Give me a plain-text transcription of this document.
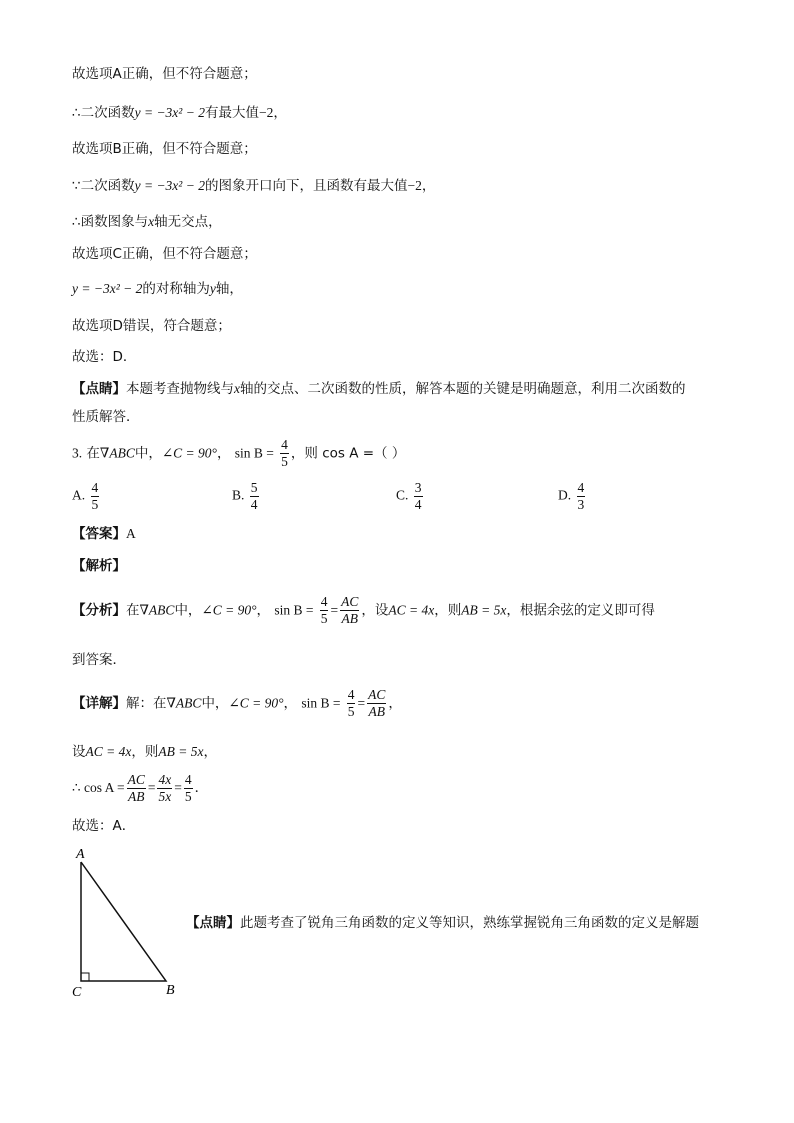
故选项A正确，但不符合题意；
∴二次函数y = −3x² − 2有最大值−2，
故选项B正确，但不符合题意；
∵二次函数y = −3x² − 2的图象开口向下，且函数有最大值−2，
∴函数图象与x轴无交点，
故选项C正确，但不符合题意；
y = −3x² − 2的对称轴为y轴，
故选项D错误，符合题意；
故选：D．
【点睛】本题考查抛物线与x轴的交点、二次函数的性质，解答本题的关键是明确题意，利用二次函数的
性质解答．
3. 在∇ABC中，∠C = 90°， $\sin B = \frac{4}{5}$ ，则 cos A =（ ）
A. $\frac{4}{5}$	B. $\frac{5}{4}$	C. $\frac{3}{4}$	D. $\frac{4}{3}$
【答案】A
【解析】
【分析】在∇ABC中，∠C = 90°， $\sin B = \frac{4}{5} = \frac{AC}{AB}$ ，设AC = 4x，则AB = 5x，根据余弦的定义即可得
到答案．
【详解】解：在∇ABC中，∠C = 90°， $\sin B = \frac{4}{5} = \frac{AC}{AB}$ ，
设AC = 4x，则AB = 5x，
∴ $\cos A = \frac{AC}{AB} = \frac{4x}{5x} = \frac{4}{5}$ ．
故选：A．
A
C	B
【点睛】此题考查了锐角三角函数的定义等知识，熟练掌握锐角三角函数的定义是解题
